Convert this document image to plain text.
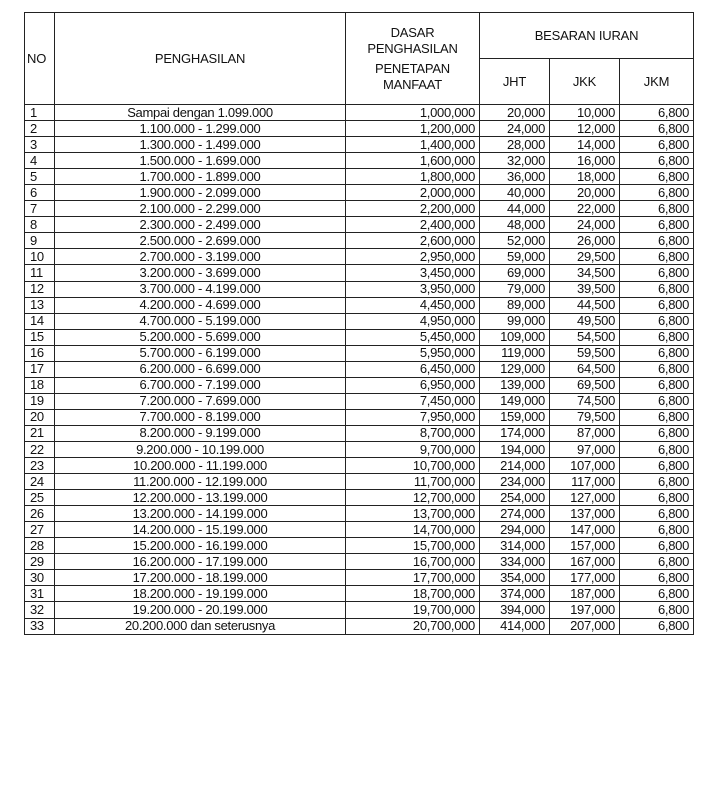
NO	PENGHASILAN	DASAR
PENGHASILAN
PENETAPAN
MANFAAT	BESARAN IURAN		
			JHT	JKK	JKM
1	Sampai dengan 1.099.000	1,000,000	20,000	10,000	6,800
2	1.100.000 - 1.299.000	1,200,000	24,000	12,000	6,800
3	1.300.000 - 1.499.000	1,400,000	28,000	14,000	6,800
4	1.500.000 - 1.699.000	1,600,000	32,000	16,000	6,800
5	1.700.000 - 1.899.000	1,800,000	36,000	18,000	6,800
6	1.900.000 - 2.099.000	2,000,000	40,000	20,000	6,800
7	2.100.000 - 2.299.000	2,200,000	44,000	22,000	6,800
8	2.300.000 - 2.499.000	2,400,000	48,000	24,000	6,800
9	2.500.000 - 2.699.000	2,600,000	52,000	26,000	6,800
10	2.700.000 - 3.199.000	2,950,000	59,000	29,500	6,800
11	3.200.000 - 3.699.000	3,450,000	69,000	34,500	6,800
12	3.700.000 - 4.199.000	3,950,000	79,000	39,500	6,800
13	4.200.000 - 4.699.000	4,450,000	89,000	44,500	6,800
14	4.700.000 - 5.199.000	4,950,000	99,000	49,500	6,800
15	5.200.000 - 5.699.000	5,450,000	109,000	54,500	6,800
16	5.700.000 - 6.199.000	5,950,000	119,000	59,500	6,800
17	6.200.000 - 6.699.000	6,450,000	129,000	64,500	6,800
18	6.700.000 - 7.199.000	6,950,000	139,000	69,500	6,800
19	7.200.000 - 7.699.000	7,450,000	149,000	74,500	6,800
20	7.700.000 - 8.199.000	7,950,000	159,000	79,500	6,800
21	8.200.000 - 9.199.000	8,700,000	174,000	87,000	6,800
22	9.200.000 - 10.199.000	9,700,000	194,000	97,000	6,800
23	10.200.000 - 11.199.000	10,700,000	214,000	107,000	6,800
24	11.200.000 - 12.199.000	11,700,000	234,000	117,000	6,800
25	12.200.000 - 13.199.000	12,700,000	254,000	127,000	6,800
26	13.200.000 - 14.199.000	13,700,000	274,000	137,000	6,800
27	14.200.000 - 15.199.000	14,700,000	294,000	147,000	6,800
28	15.200.000 - 16.199.000	15,700,000	314,000	157,000	6,800
29	16.200.000 - 17.199.000	16,700,000	334,000	167,000	6,800
30	17.200.000 - 18.199.000	17,700,000	354,000	177,000	6,800
31	18.200.000 - 19.199.000	18,700,000	374,000	187,000	6,800
32	19.200.000 - 20.199.000	19,700,000	394,000	197,000	6,800
33	20.200.000 dan seterusnya	20,700,000	414,000	207,000	6,800
